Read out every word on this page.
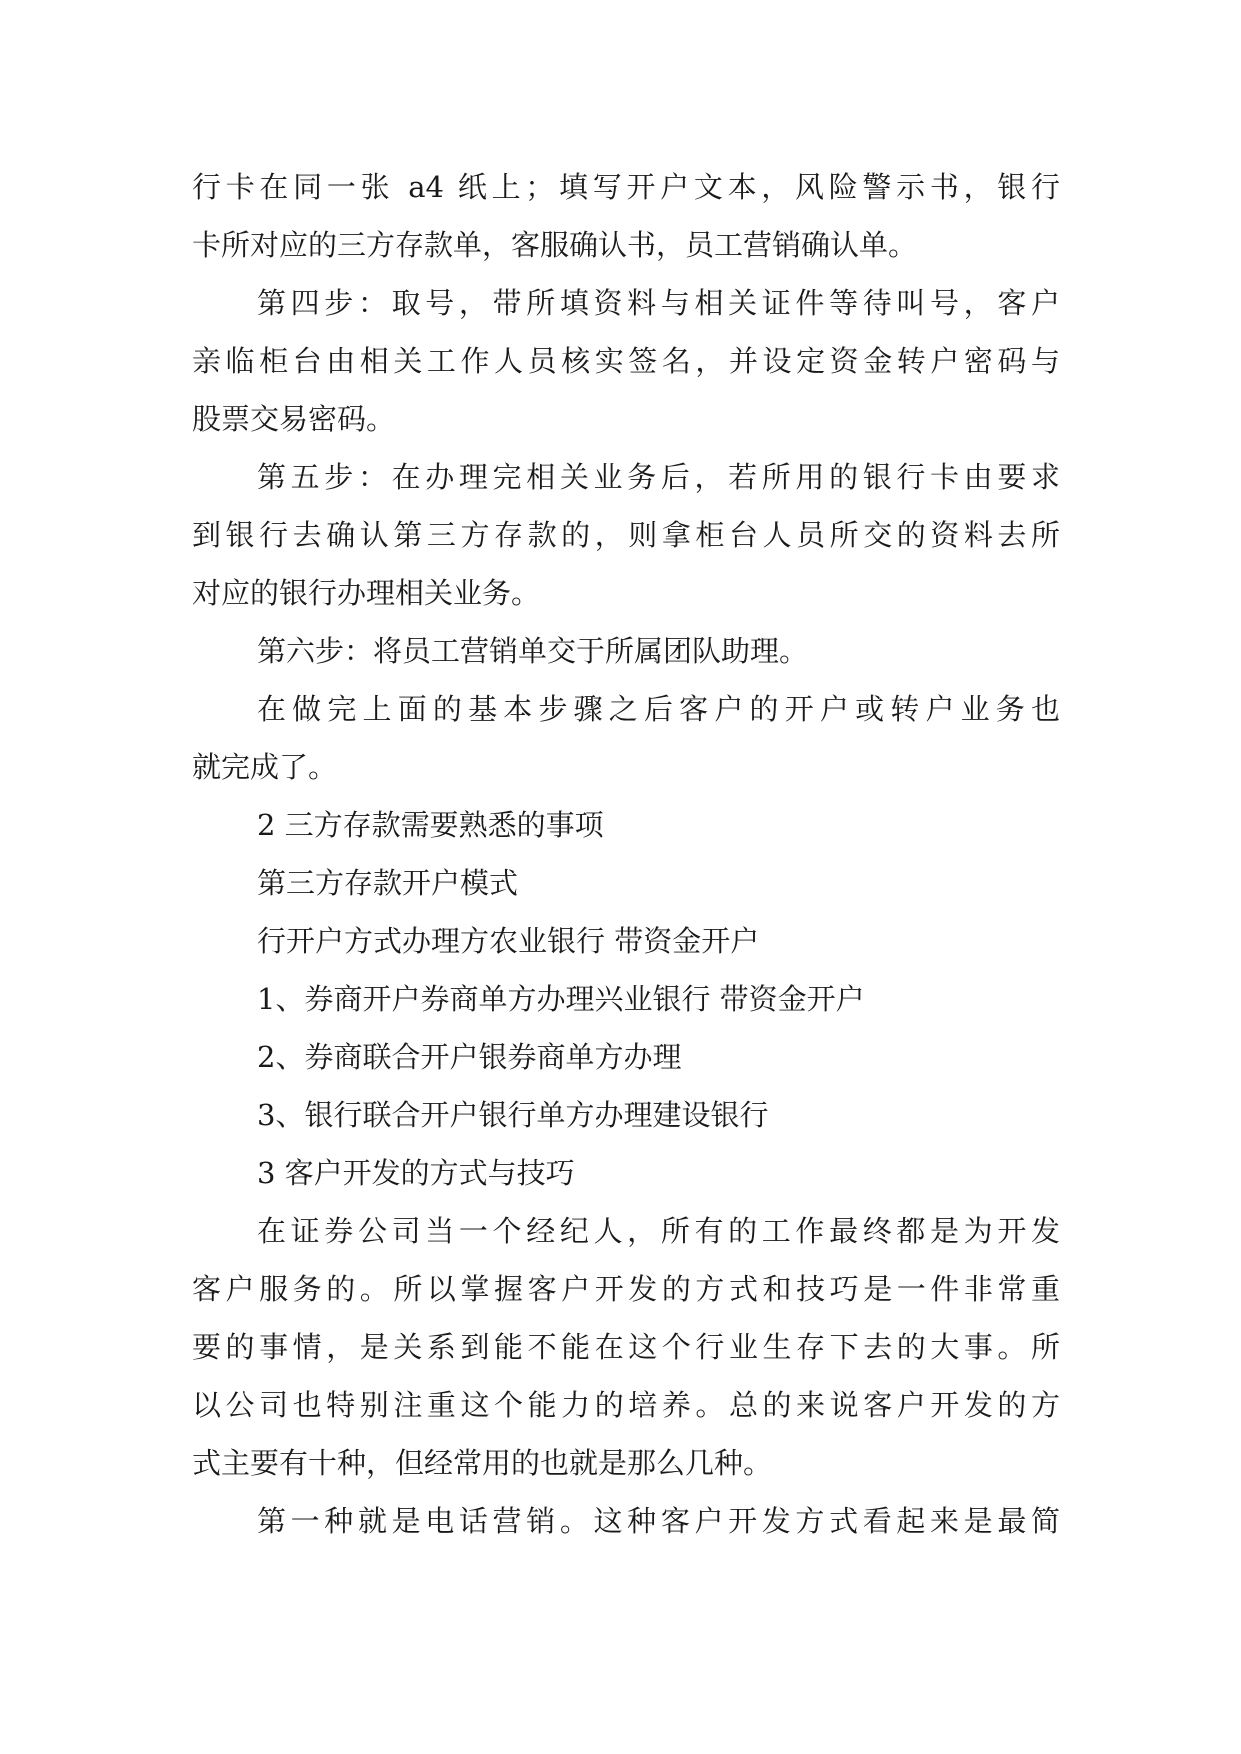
行卡在同一张 a4 纸上；填写开户文本，风险警示书，银行
卡所对应的三方存款单，客服确认书，员工营销确认单。
第四步：取号，带所填资料与相关证件等待叫号，客户
亲临柜台由相关工作人员核实签名，并设定资金转户密码与
股票交易密码。
第五步：在办理完相关业务后，若所用的银行卡由要求
到银行去确认第三方存款的，则拿柜台人员所交的资料去所
对应的银行办理相关业务。
第六步：将员工营销单交于所属团队助理。
在做完上面的基本步骤之后客户的开户或转户业务也
就完成了。
2 三方存款需要熟悉的事项
第三方存款开户模式
行开户方式办理方农业银行 带资金开户
1、券商开户券商单方办理兴业银行 带资金开户
2、券商联合开户银券商单方办理
3、银行联合开户银行单方办理建设银行
3 客户开发的方式与技巧
在证券公司当一个经纪人，所有的工作最终都是为开发
客户服务的。所以掌握客户开发的方式和技巧是一件非常重
要的事情，是关系到能不能在这个行业生存下去的大事。所
以公司也特别注重这个能力的培养。总的来说客户开发的方
式主要有十种，但经常用的也就是那么几种。
第一种就是电话营销。这种客户开发方式看起来是最简
